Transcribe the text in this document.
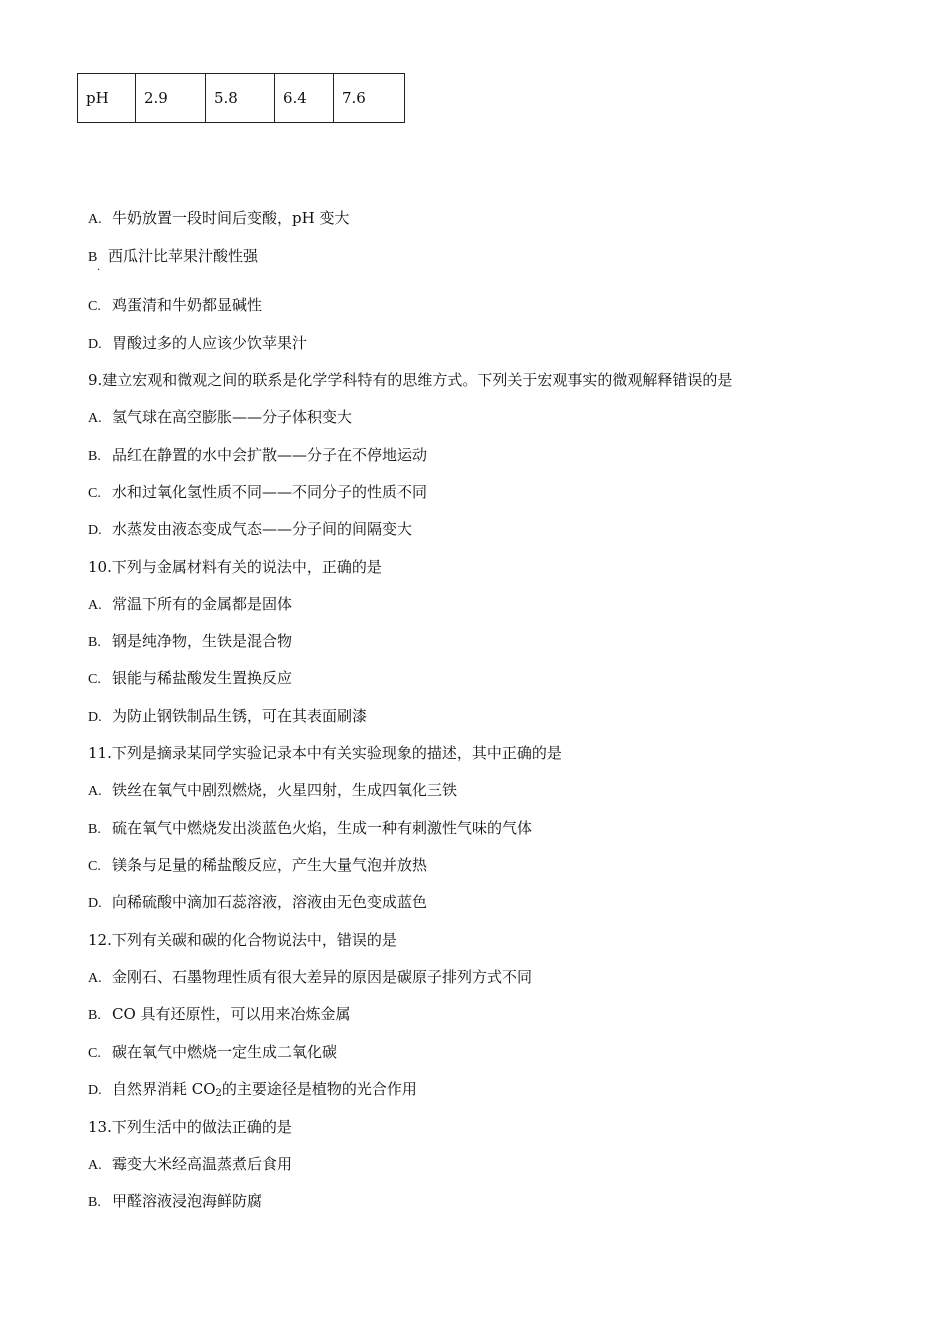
pH	2.9	5.8	6.4	7.6
A. 牛奶放置一段时间后变酸，pH 变大
B 西瓜汁比苹果汁酸性强
.
C. 鸡蛋清和牛奶都显碱性
D. 胃酸过多的人应该少饮苹果汁
9.建立宏观和微观之间的联系是化学学科特有的思维方式。下列关于宏观事实的微观解释错误的是
A. 氢气球在高空膨胀——分子体积变大
B. 品红在静置的水中会扩散——分子在不停地运动
C. 水和过氧化氢性质不同——不同分子的性质不同
D. 水蒸发由液态变成气态——分子间的间隔变大
10.下列与金属材料有关的说法中，正确的是
A. 常温下所有的金属都是固体
B. 钢是纯净物，生铁是混合物
C. 银能与稀盐酸发生置换反应
D. 为防止钢铁制品生锈，可在其表面刷漆
11.下列是摘录某同学实验记录本中有关实验现象的描述，其中正确的是
A. 铁丝在氧气中剧烈燃烧，火星四射，生成四氧化三铁
B. 硫在氧气中燃烧发出淡蓝色火焰，生成一种有刺激性气味的气体
C. 镁条与足量的稀盐酸反应，产生大量气泡并放热
D. 向稀硫酸中滴加石蕊溶液，溶液由无色变成蓝色
12.下列有关碳和碳的化合物说法中，错误的是
A. 金刚石、石墨物理性质有很大差异的原因是碳原子排列方式不同
B. CO 具有还原性，可以用来冶炼金属
C. 碳在氧气中燃烧一定生成二氧化碳
D. 自然界消耗 $CO_2$的主要途径是植物的光合作用
13.下列生活中的做法正确的是
A. 霉变大米经高温蒸煮后食用
B. 甲醛溶液浸泡海鲜防腐
